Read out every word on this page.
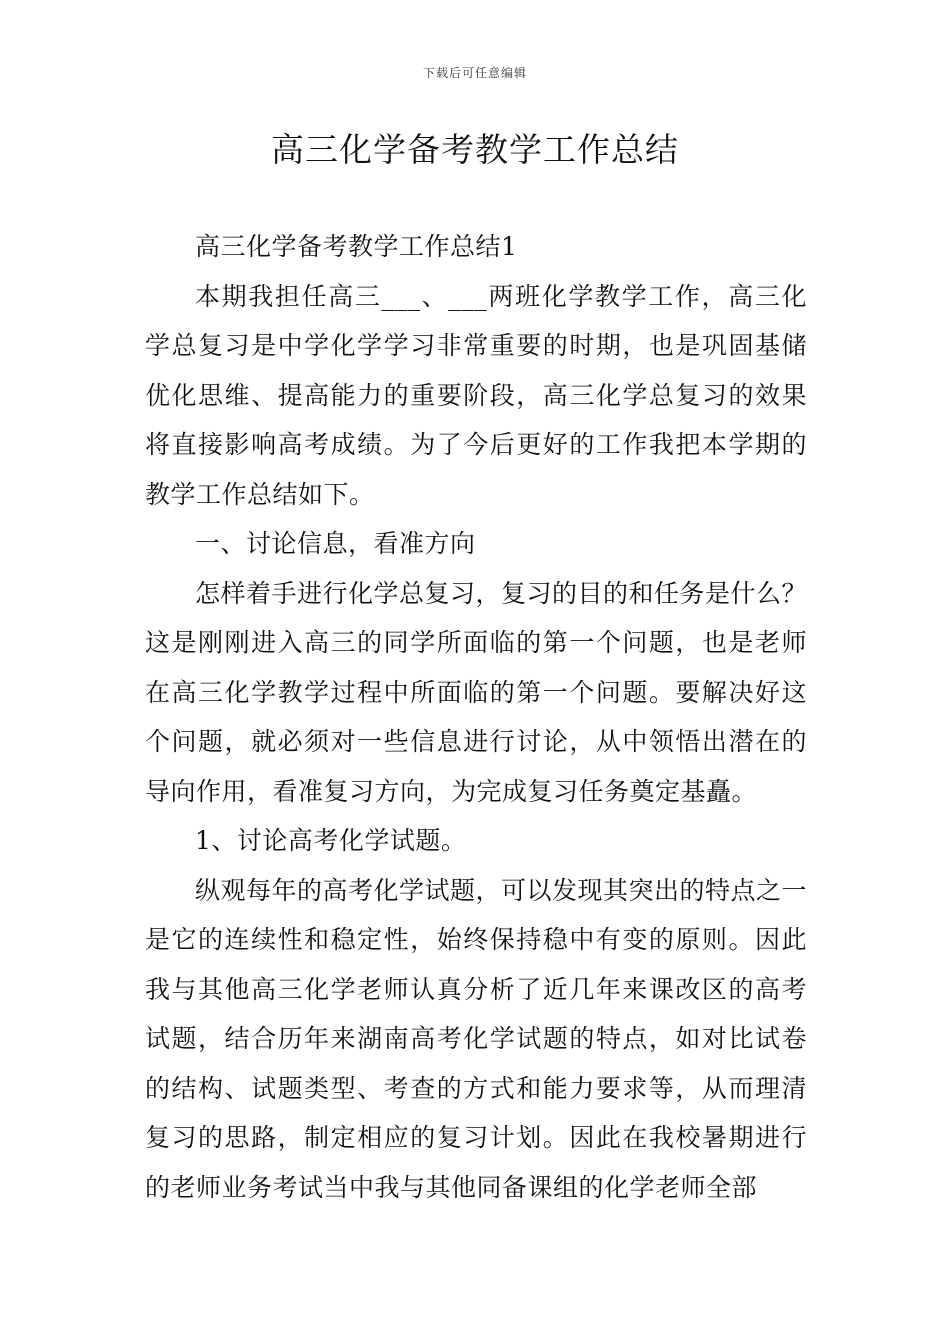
下载后可任意编辑
高三化学备考教学工作总结

高三化学备考教学工作总结1

本期我担任高三___、___两班化学教学工作，高三化学总复习是中学化学学习非常重要的时期，也是巩固基储优化思维、提高能力的重要阶段，高三化学总复习的效果将直接影响高考成绩。为了今后更好的工作我把本学期的教学工作总结如下。

一、讨论信息，看准方向

怎样着手进行化学总复习，复习的目的和任务是什么？这是刚刚进入高三的同学所面临的第一个问题，也是老师在高三化学教学过程中所面临的第一个问题。要解决好这个问题，就必须对一些信息进行讨论，从中领悟出潜在的导向作用，看准复习方向，为完成复习任务奠定基矗。

1、讨论高考化学试题。

纵观每年的高考化学试题，可以发现其突出的特点之一是它的连续性和稳定性，始终保持稳中有变的原则。因此我与其他高三化学老师认真分析了近几年来课改区的高考试题，结合历年来湖南高考化学试题的特点，如对比试卷的结构、试题类型、考查的方式和能力要求等，从而理清复习的思路，制定相应的复习计划。因此在我校暑期进行的老师业务考试当中我与其他同备课组的化学老师全部
